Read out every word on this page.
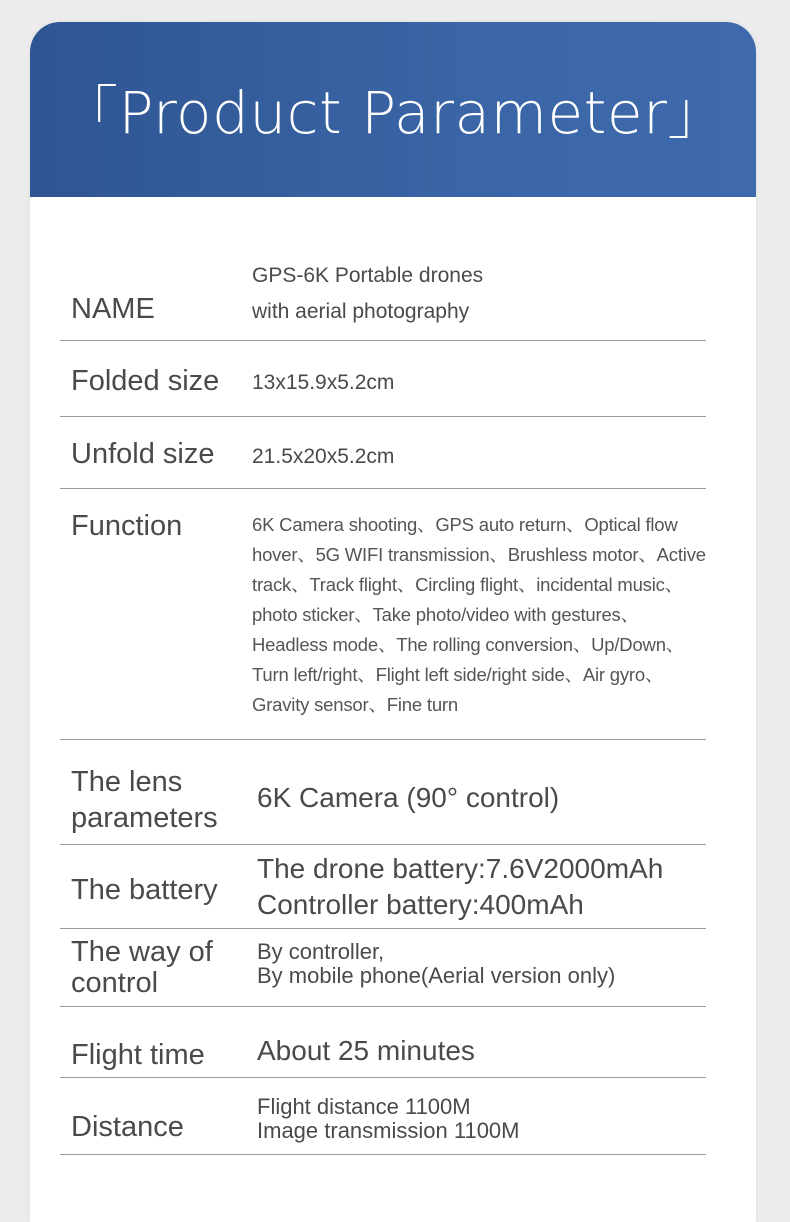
「Product Parameter」
NAME
GPS-6K Portable drones
with aerial photography
Folded size 13x15.9x5.2cm
Unfold size 21.5x20x5.2cm
Function	6K Camera shooting、GPS auto return、Optical flow
hover、5G WIFI transmission、Brushless motor、Active
track、Track flight、Circling flight、incidental music、
photo sticker、Take photo/video with gestures、
Headless mode、The rolling conversion、Up/Down、
Turn left/right、Flight left side/right side、Air gyro、
Gravity sensor、Fine turn
The lens
parameters
6K Camera (90° control)
The battery
The drone battery:7.6V2000mAh
Controller battery:400mAh
The way of
control
By controller,
By mobile phone(Aerial version only)
Flight time About 25 minutes
Distance
Flight distance 1100M
Image transmission 1100M
